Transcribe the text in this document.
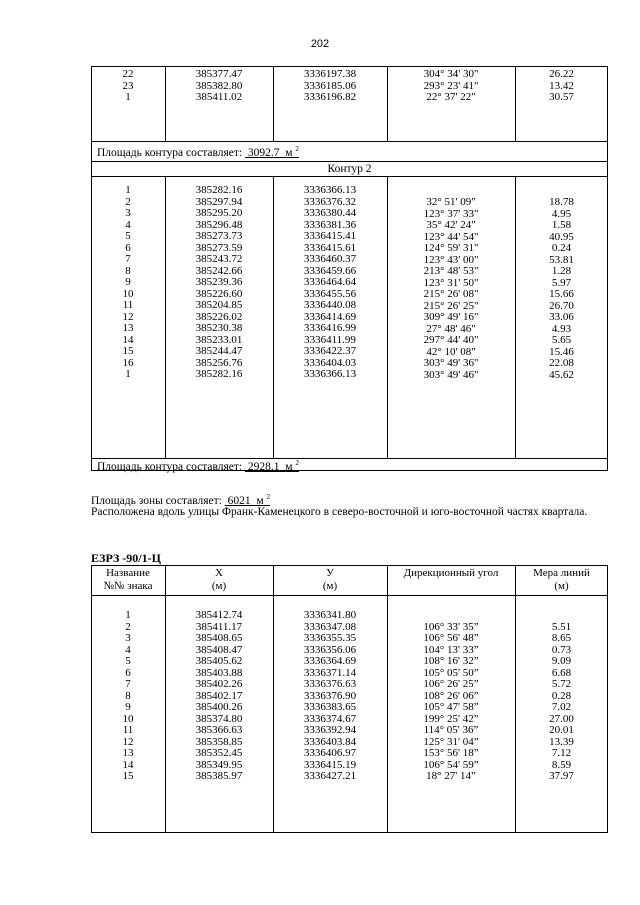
202
22
23
1
385377.47
385382.80
385411.02
3336197.38
3336185.06
3336196.82
304° 34' 30"
293° 23' 41"
22° 37' 22"
26.22
13.42
30.57
Площадь контура составляет: 3092.7 м $^2$
Контур 2
1
2
3
4
5
6
7
8
9
10
11
12
13
14
15
16
1
385282.16
385297.94
385295.20
385296.48
385273.73
385273.59
385243.72
385242.66
385239.36
385226.60
385204.85
385226.02
385230.38
385233.01
385244.47
385256.76
385282.16
3336366.13
3336376.32
3336380.44
3336381.36
3336415.41
3336415.61
3336460.37
3336459.66
3336464.64
3336455.56
3336440.08
3336414.69
3336416.99
3336411.99
3336422.37
3336404.03
3336366.13
32° 51' 09"
123° 37' 33"
35° 42' 24"
123° 44' 54"
124° 59' 31"
123° 43' 00"
213° 48' 53"
123° 31' 50"
215° 26' 08"
215° 26' 25"
309° 49' 16"
27° 48' 46"
297° 44' 40"
42° 10' 08"
303° 49' 36"
303° 49' 46"
18.78
4.95
1.58
40.95
0.24
53.81
1.28
5.97
15.66
26.70
33.06
4.93
5.65
15.46
22.08
45.62
Площадь контура составляет: 2928.1 м $^2$
Площадь зоны составляет: 6021 м $^2$
Расположена вдоль улицы Франк-Каменецкого в северо-восточной и юго-восточной частях квартала.
ЕЗРЗ -90/1-Ц
Название
№№ знака
X
(м)
У
(м)
Дирекционный угол	Мера линий
(м)
1
2
3
4
5
6
7
8
9
10
11
12
13
14
15
385412.74
385411.17
385408.65
385408.47
385405.62
385403.88
385402.26
385402.17
385400.26
385374.80
385366.63
385358.85
385352.45
385349.95
385385.97
3336341.80
3336347.08
3336355.35
3336356.06
3336364.69
3336371.14
3336376.63
3336376.90
3336383.65
3336374.67
3336392.94
3336403.84
3336406.97
3336415.19
3336427.21
106° 33' 35”
106° 56' 48”
104° 13' 33”
108° 16' 32”
105° 05' 50”
106° 26' 25”
108° 26' 06”
105° 47' 58”
199° 25' 42”
114° 05' 36”
125° 31' 04”
153° 56' 18”
106° 54' 59”
18° 27' 14”
5.51
8.65
0.73
9.09
6.68
5.72
0.28
7.02
27.00
20.01
13.39
7.12
8.59
37.97
